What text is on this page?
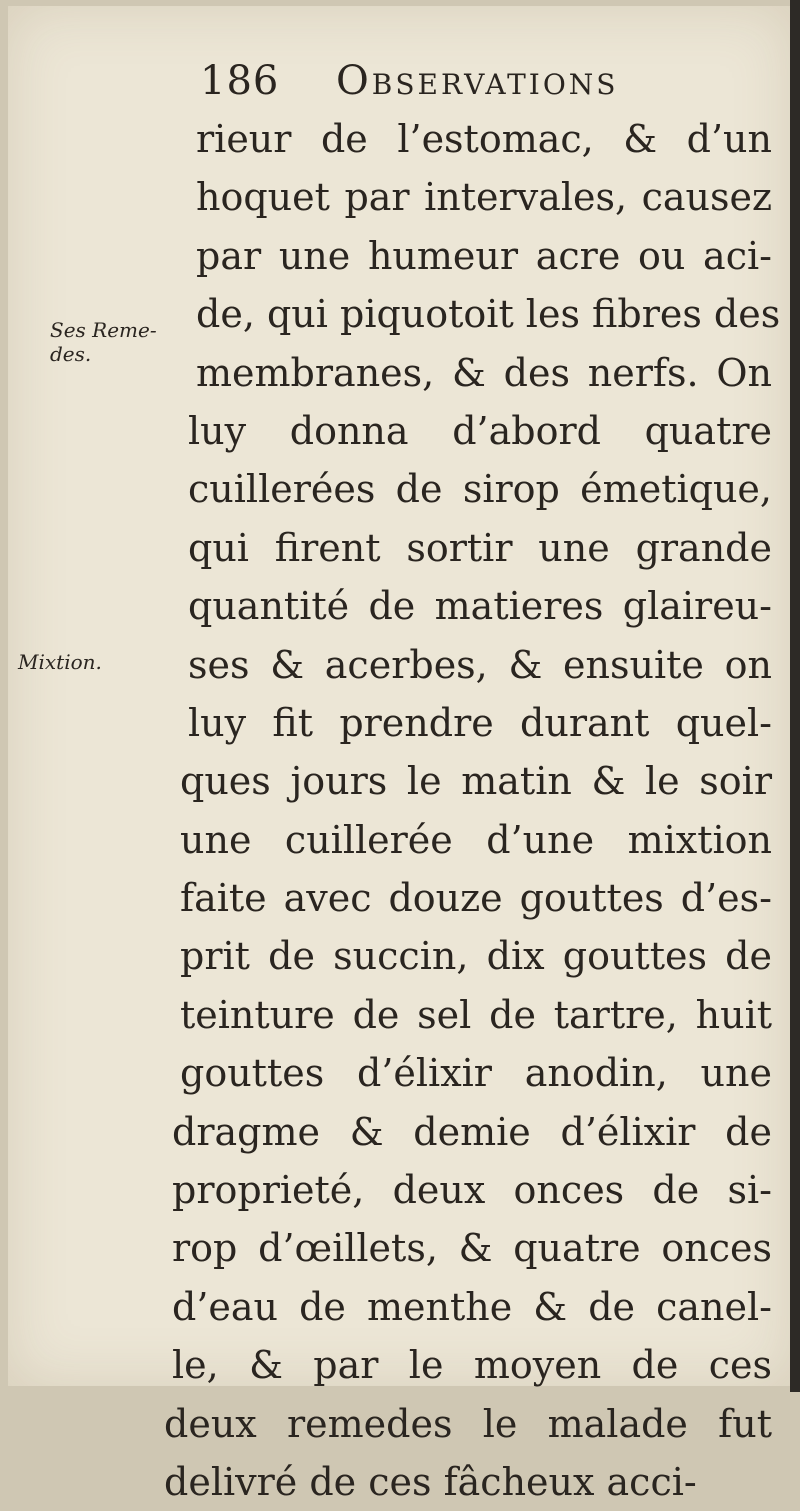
186 Observations
Ses Reme-
des.
Mixtion.
rieur de l’estomac, & d’un
hoquet par intervales, causez
par une humeur acre ou aci-
de, qui piquotoit les fibres des
membranes, & des nerfs. On
luy donna d’abord quatre
cuillerées de sirop émetique,
qui firent sortir une grande
quantité de matieres glaireu-
ses & acerbes, & ensuite on
luy fit prendre durant quel-
ques jours le matin & le soir
une cuillerée d’une mixtion
faite avec douze gouttes d’es-
prit de succin, dix gouttes de
teinture de sel de tartre, huit
gouttes d’élixir anodin, une
dragme & demie d’élixir de
proprieté, deux onces de si-
rop d’œillets, & quatre onces
d’eau de menthe & de canel-
le, & par le moyen de ces
deux remedes le malade fut
delivré de ces fâcheux acci-
